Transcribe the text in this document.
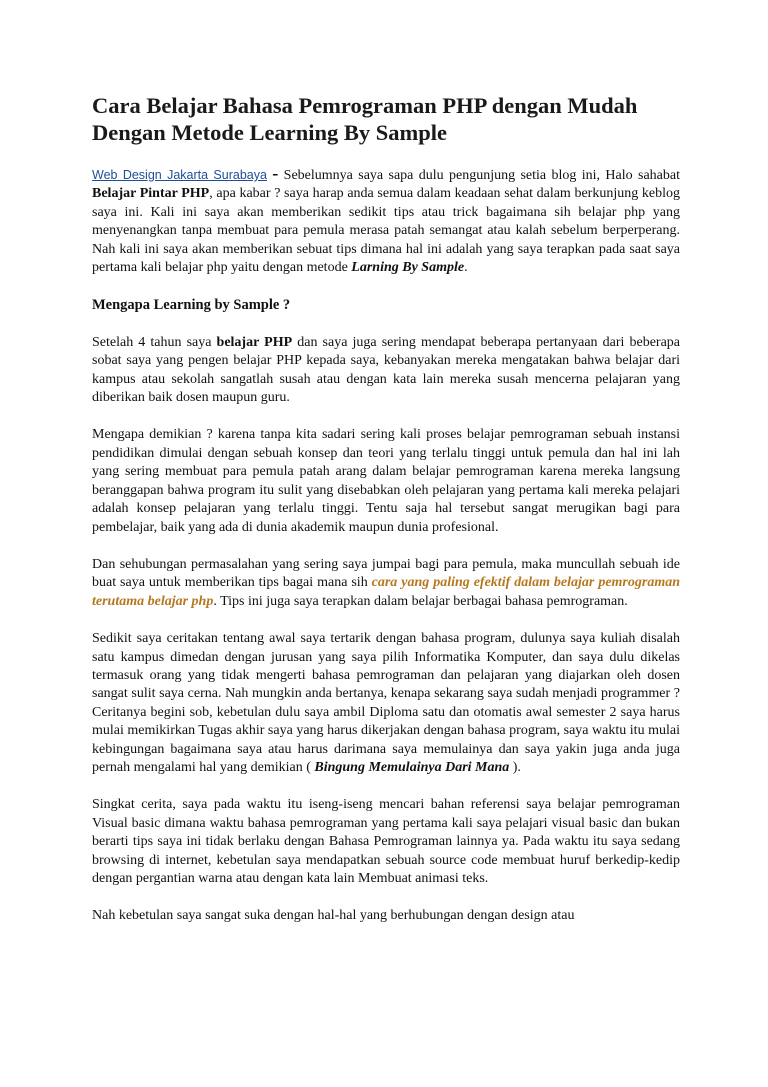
Cara Belajar Bahasa Pemrograman PHP dengan Mudah Dengan Metode Learning By Sample

Web Design Jakarta Surabaya - Sebelumnya saya sapa dulu pengunjung setia blog ini, Halo sahabat Belajar Pintar PHP, apa kabar ? saya harap anda semua dalam keadaan sehat dalam berkunjung keblog saya ini. Kali ini saya akan memberikan sedikit tips atau trick bagaimana sih belajar php yang menyenangkan tanpa membuat para pemula merasa patah semangat atau kalah sebelum berperperang. Nah kali ini saya akan memberikan sebuat tips dimana hal ini adalah yang saya terapkan pada saat saya pertama kali belajar php yaitu dengan metode Larning By Sample.

Mengapa Learning by Sample ?

Setelah 4 tahun saya belajar PHP dan saya juga sering mendapat beberapa pertanyaan dari beberapa sobat saya yang pengen belajar PHP kepada saya, kebanyakan mereka mengatakan bahwa belajar dari kampus atau sekolah sangatlah susah atau dengan kata lain mereka susah mencerna pelajaran yang diberikan baik dosen maupun guru.

Mengapa demikian ? karena tanpa kita sadari sering kali proses belajar pemrograman sebuah instansi pendidikan dimulai dengan sebuah konsep dan teori yang terlalu tinggi untuk pemula dan hal ini lah yang sering membuat para pemula patah arang dalam belajar pemrograman karena mereka langsung beranggapan bahwa program itu sulit yang disebabkan oleh pelajaran yang pertama kali mereka pelajari adalah konsep pelajaran yang terlalu tinggi. Tentu saja hal tersebut sangat merugikan bagi para pembelajar, baik yang ada di dunia akademik maupun dunia profesional.

Dan sehubungan permasalahan yang sering saya jumpai bagi para pemula, maka muncullah sebuah ide buat saya untuk memberikan tips bagai mana sih cara yang paling efektif dalam belajar pemrograman terutama belajar php. Tips ini juga saya terapkan dalam belajar berbagai bahasa pemrograman.

Sedikit saya ceritakan tentang awal saya tertarik dengan bahasa program, dulunya saya kuliah disalah satu kampus dimedan dengan jurusan yang saya pilih Informatika Komputer, dan saya dulu dikelas termasuk orang yang tidak mengerti bahasa pemrograman dan pelajaran yang diajarkan oleh dosen sangat sulit saya cerna. Nah mungkin anda bertanya, kenapa sekarang saya sudah menjadi programmer ? Ceritanya begini sob, kebetulan dulu saya ambil Diploma satu dan otomatis awal semester 2 saya harus mulai memikirkan Tugas akhir saya yang harus dikerjakan dengan bahasa program, saya waktu itu mulai kebingungan bagaimana saya atau harus darimana saya memulainya dan saya yakin juga anda juga pernah mengalami hal yang demikian ( Bingung Memulainya Dari Mana ).

Singkat cerita, saya pada waktu itu iseng-iseng mencari bahan referensi saya belajar pemrograman Visual basic dimana waktu bahasa pemrograman yang pertama kali saya pelajari visual basic dan bukan berarti tips saya ini tidak berlaku dengan Bahasa Pemrograman lainnya ya. Pada waktu itu saya sedang browsing di internet, kebetulan saya mendapatkan sebuah source code membuat huruf berkedip-kedip dengan pergantian warna atau dengan kata lain Membuat animasi teks.

Nah kebetulan saya sangat suka dengan hal-hal yang berhubungan dengan design atau
